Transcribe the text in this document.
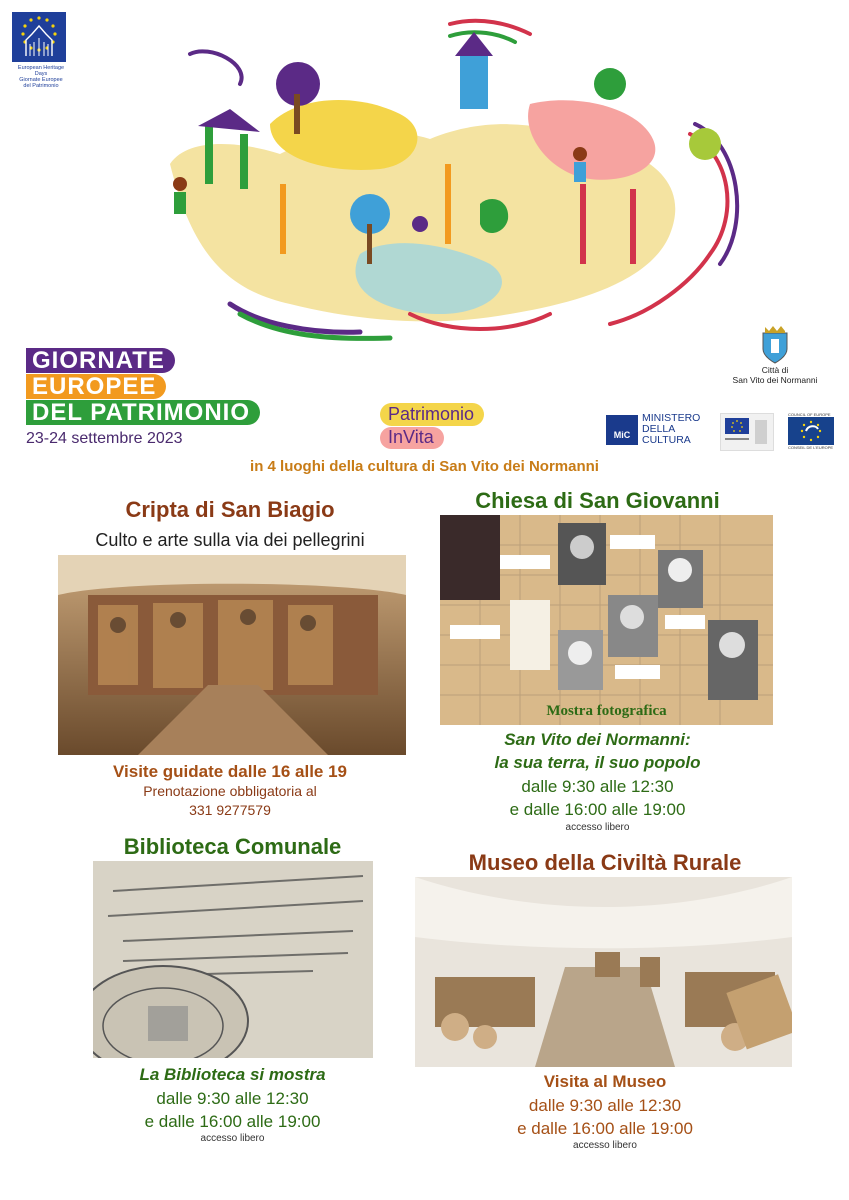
European Heritage Days
Giornate Europee
del Patrimonio
GIORNATE
EUROPEE
DEL PATRIMONIO
23-24 settembre 2023
Patrimonio
InVita
Città di
San Vito dei Normanni
MiC
MINISTERO
DELLA
CULTURA
COUNCIL OF EUROPE
CONSEIL DE L'EUROPE
in 4 luoghi della cultura di San Vito dei Normanni
Cripta di San Biagio
Culto e arte sulla via dei pellegrini
Visite guidate dalle 16 alle 19
Prenotazione obbligatoria al
331 9277579
Chiesa di San Giovanni
Mostra fotografica
San Vito dei Normanni:
la sua terra, il suo popolo
dalle 9:30 alle 12:30
e dalle 16:00 alle 19:00
accesso libero
Biblioteca Comunale
La Biblioteca si mostra
dalle 9:30 alle 12:30
e dalle 16:00 alle 19:00
accesso libero
Museo della Civiltà Rurale
Visita al Museo
dalle 9:30 alle 12:30
e dalle 16:00 alle 19:00
accesso libero
